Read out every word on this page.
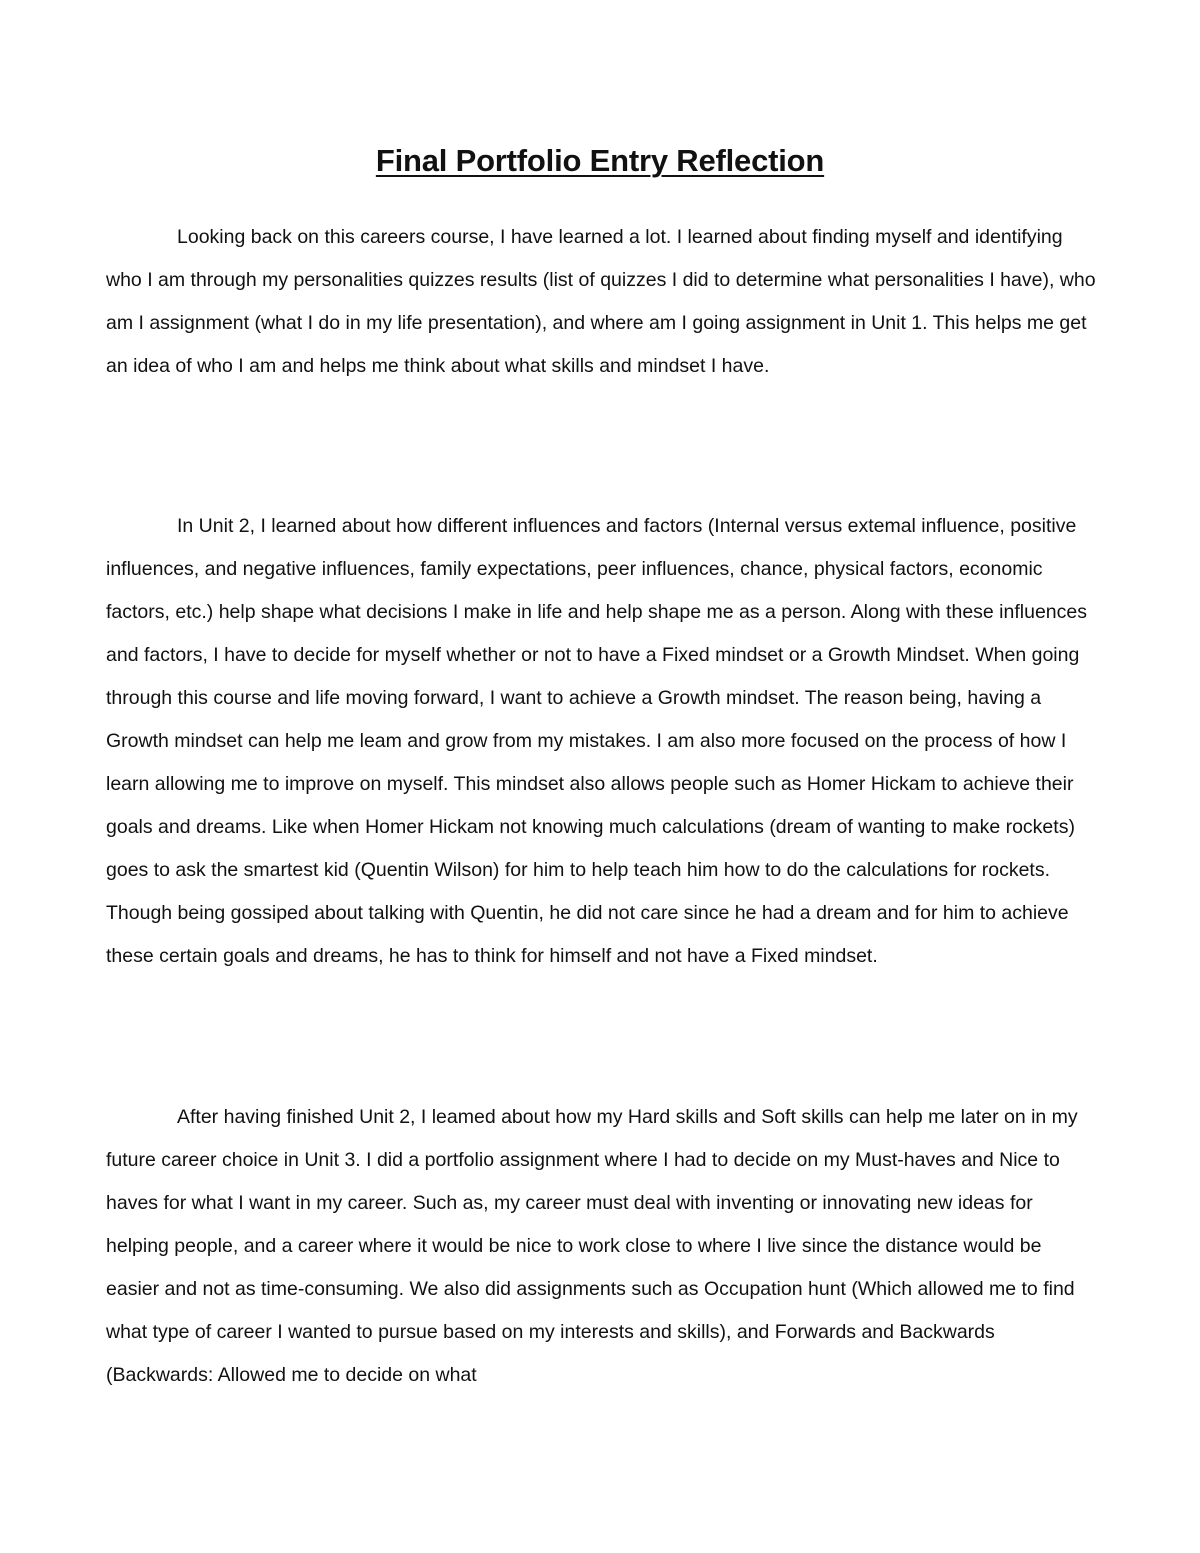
Final Portfolio Entry Reflection

Looking back on this careers course, I have learned a lot. I learned about finding myself and identifying who I am through my personalities quizzes results (list of quizzes I did to determine what personalities I have), who am I assignment (what I do in my life presentation), and where am I going assignment in Unit 1. This helps me get an idea of who I am and helps me think about what skills and mindset I have.

In Unit 2, I learned about how different influences and factors (Internal versus extemal influence, positive influences, and negative influences, family expectations, peer influences, chance, physical factors, economic factors, etc.) help shape what decisions I make in life and help shape me as a person. Along with these influences and factors, I have to decide for myself whether or not to have a Fixed mindset or a Growth Mindset. When going through this course and life moving forward, I want to achieve a Growth mindset. The reason being, having a Growth mindset can help me leam and grow from my mistakes. I am also more focused on the process of how I learn allowing me to improve on myself. This mindset also allows people such as Homer Hickam to achieve their goals and dreams. Like when Homer Hickam not knowing much calculations (dream of wanting to make rockets) goes to ask the smartest kid (Quentin Wilson) for him to help teach him how to do the calculations for rockets. Though being gossiped about talking with Quentin, he did not care since he had a dream and for him to achieve these certain goals and dreams, he has to think for himself and not have a Fixed mindset.

After having finished Unit 2, I leamed about how my Hard skills and Soft skills can help me later on in my future career choice in Unit 3. I did a portfolio assignment where I had to decide on my Must-haves and Nice to haves for what I want in my career. Such as, my career must deal with inventing or innovating new ideas for helping people, and a career where it would be nice to work close to where I live since the distance would be easier and not as time-consuming. We also did assignments such as Occupation hunt (Which allowed me to find what type of career I wanted to pursue based on my interests and skills), and Forwards and Backwards (Backwards: Allowed me to decide on what
